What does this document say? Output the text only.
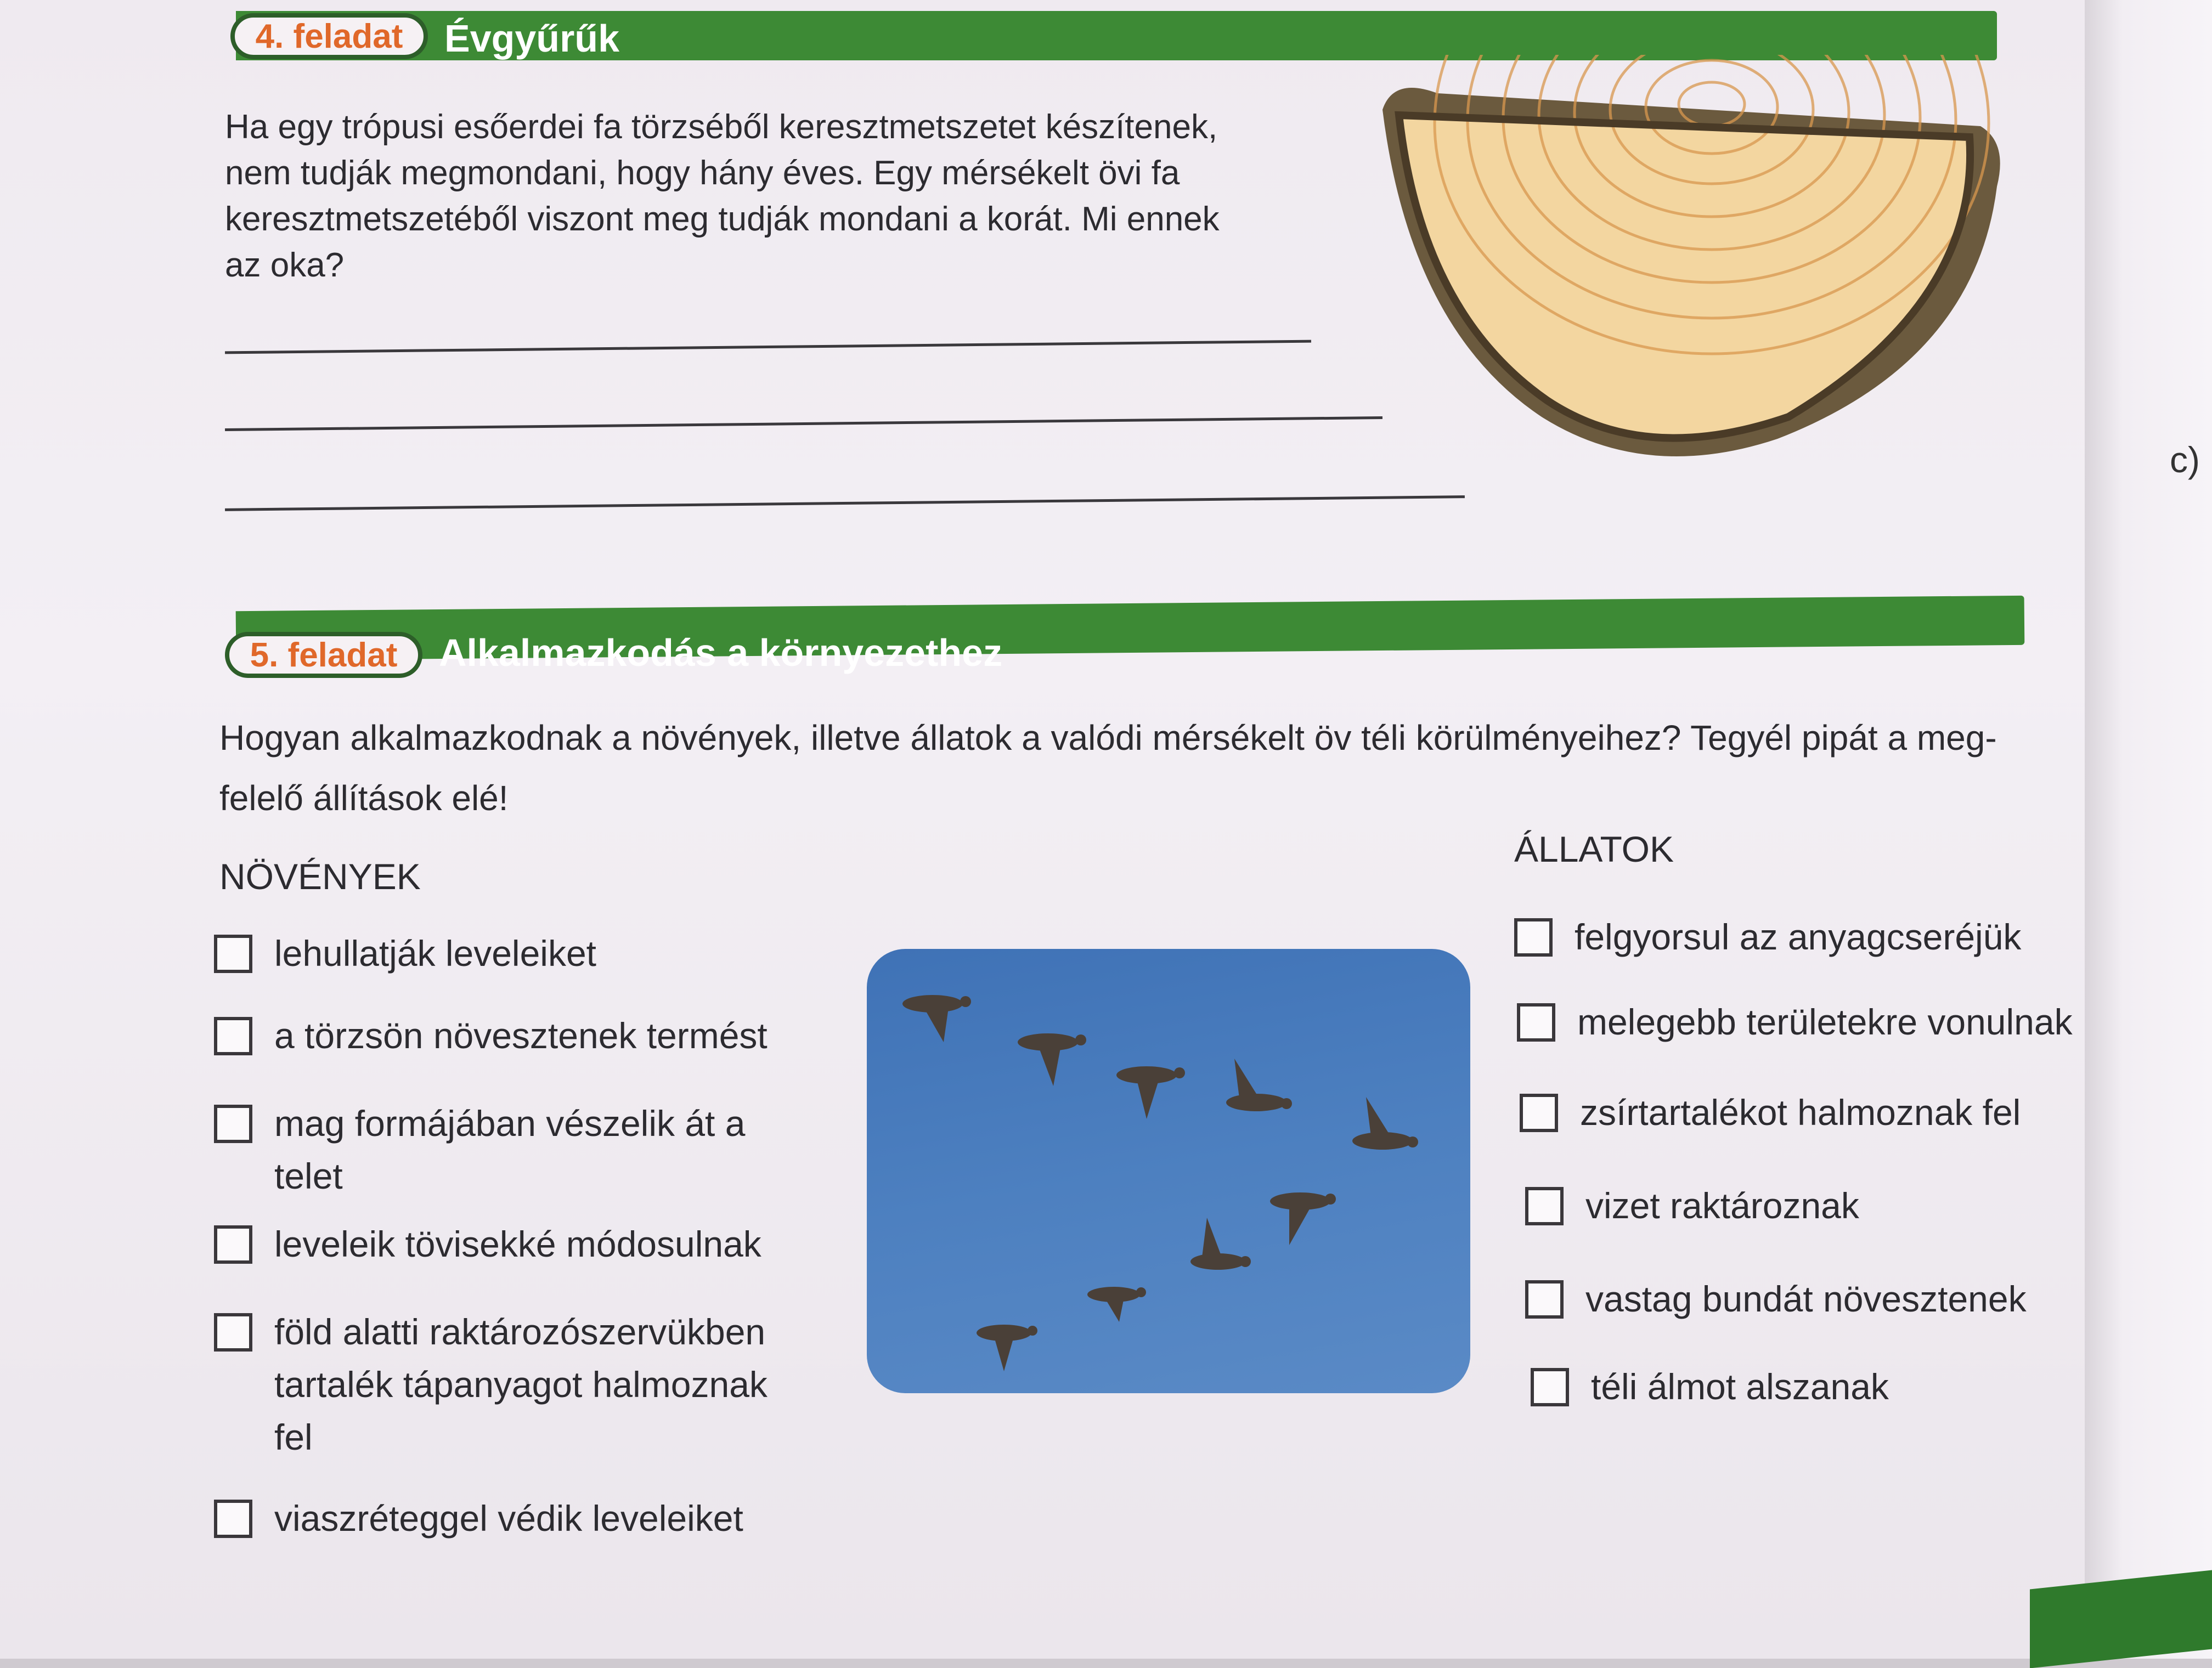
4. feladat Évgyűrűk
Ha egy trópusi esőerdei fa törzséből keresztmetszetet készítenek,
nem tudják megmondani, hogy hány éves. Egy mérsékelt övi fa
keresztmetszetéből viszont meg tudják mondani a korát. Mi ennek
az oka?
5. feladat Alkalmazkodás a környezethez
Hogyan alkalmazkodnak a növények, illetve állatok a valódi mérsékelt öv téli körülményeihez? Tegyél pipát a meg-
felelő állítások elé!
NÖVÉNYEK
lehullatják leveleiket
a törzsön növesztenek termést
mag formájában vészelik át a
telet
leveleik tövisekké módosulnak
föld alatti raktározószervükben
tartalék tápanyagot halmoznak
fel
viaszréteggel védik leveleiket
ÁLLATOK
felgyorsul az anyagcseréjük
melegebb területekre vonulnak
zsírtartalékot halmoznak fel
vizet raktároznak
vastag bundát növesztenek
téli álmot alszanak
c)
